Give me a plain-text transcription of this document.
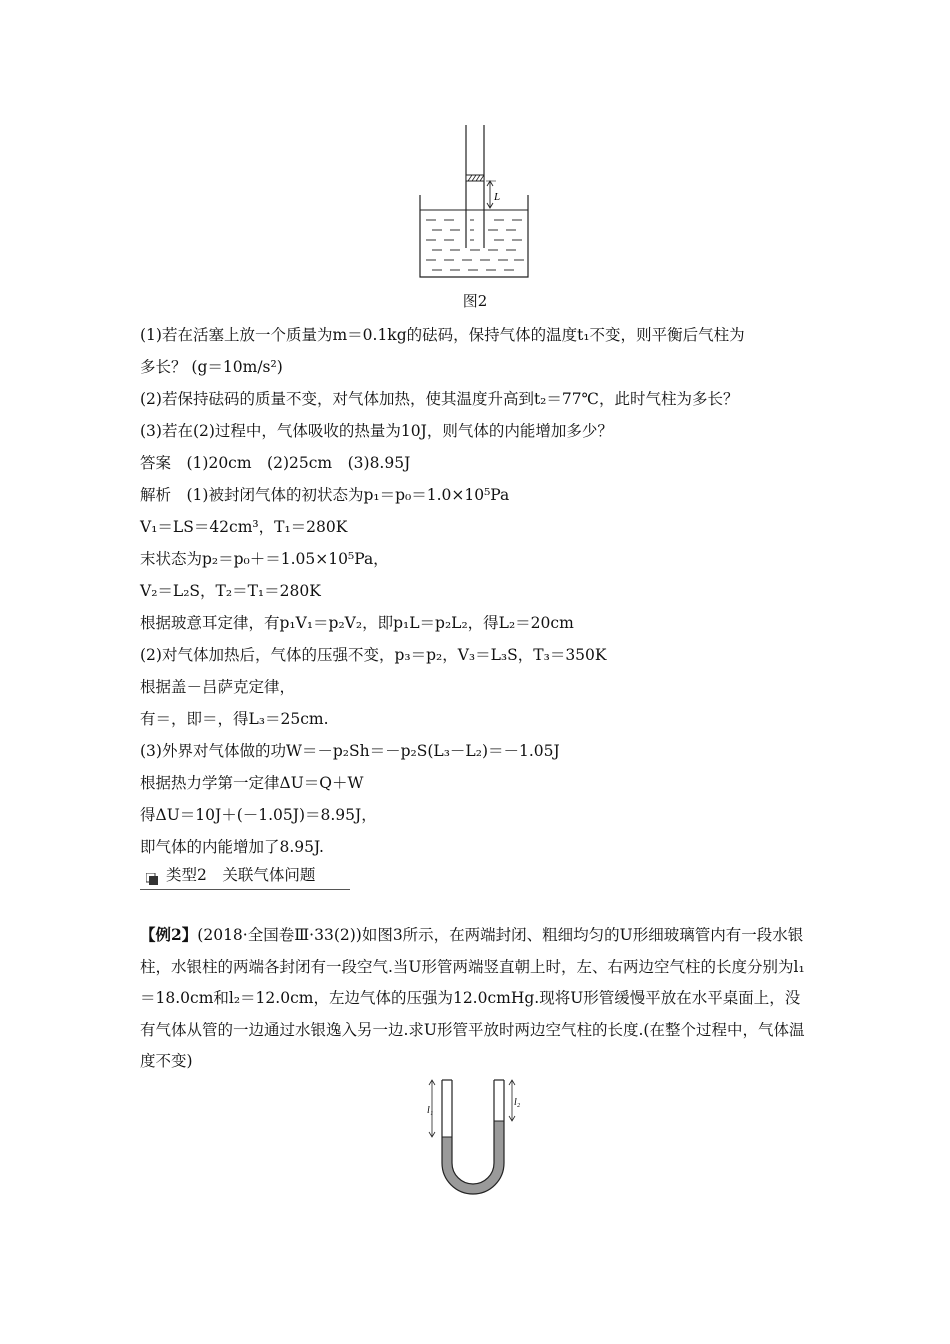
L
图2
(1)若在活塞上放一个质量为m＝0.1kg的砝码，保持气体的温度t₁不变，则平衡后气柱为
多长？ (g＝10m/s²)
(2)若保持砝码的质量不变，对气体加热，使其温度升高到t₂＝77℃，此时气柱为多长？
(3)若在(2)过程中，气体吸收的热量为10J，则气体的内能增加多少？
答案　(1)20cm　(2)25cm　(3)8.95J
解析　(1)被封闭气体的初状态为p₁＝p₀＝1.0×10⁵Pa
V₁＝LS＝42cm³，T₁＝280K
末状态为p₂＝p₀＋＝1.05×10⁵Pa，
V₂＝L₂S，T₂＝T₁＝280K
根据玻意耳定律，有p₁V₁＝p₂V₂，即p₁L＝p₂L₂，得L₂＝20cm
(2)对气体加热后，气体的压强不变，p₃＝p₂，V₃＝L₃S，T₃＝350K
根据盖－吕萨克定律，
有＝，即＝，得L₃＝25cm.
(3)外界对气体做的功W＝－p₂Sh＝－p₂S(L₃－L₂)＝－1.05J
根据热力学第一定律ΔU＝Q＋W
得ΔU＝10J＋(－1.05J)＝8.95J，
即气体的内能增加了8.95J.
类型2　关联气体问题
【例2】(2018·全国卷Ⅲ·33(2))如图3所示，在两端封闭、粗细均匀的U形细玻璃管内有一段水银柱，水银柱的两端各封闭有一段空气.当U形管两端竖直朝上时，左、右两边空气柱的长度分别为l₁＝18.0cm和l₂＝12.0cm，左边气体的压强为12.0cmHg.现将U形管缓慢平放在水平桌面上，没有气体从管的一边通过水银逸入另一边.求U形管平放时两边空气柱的长度.(在整个过程中，气体温度不变)
l₁
l₂
